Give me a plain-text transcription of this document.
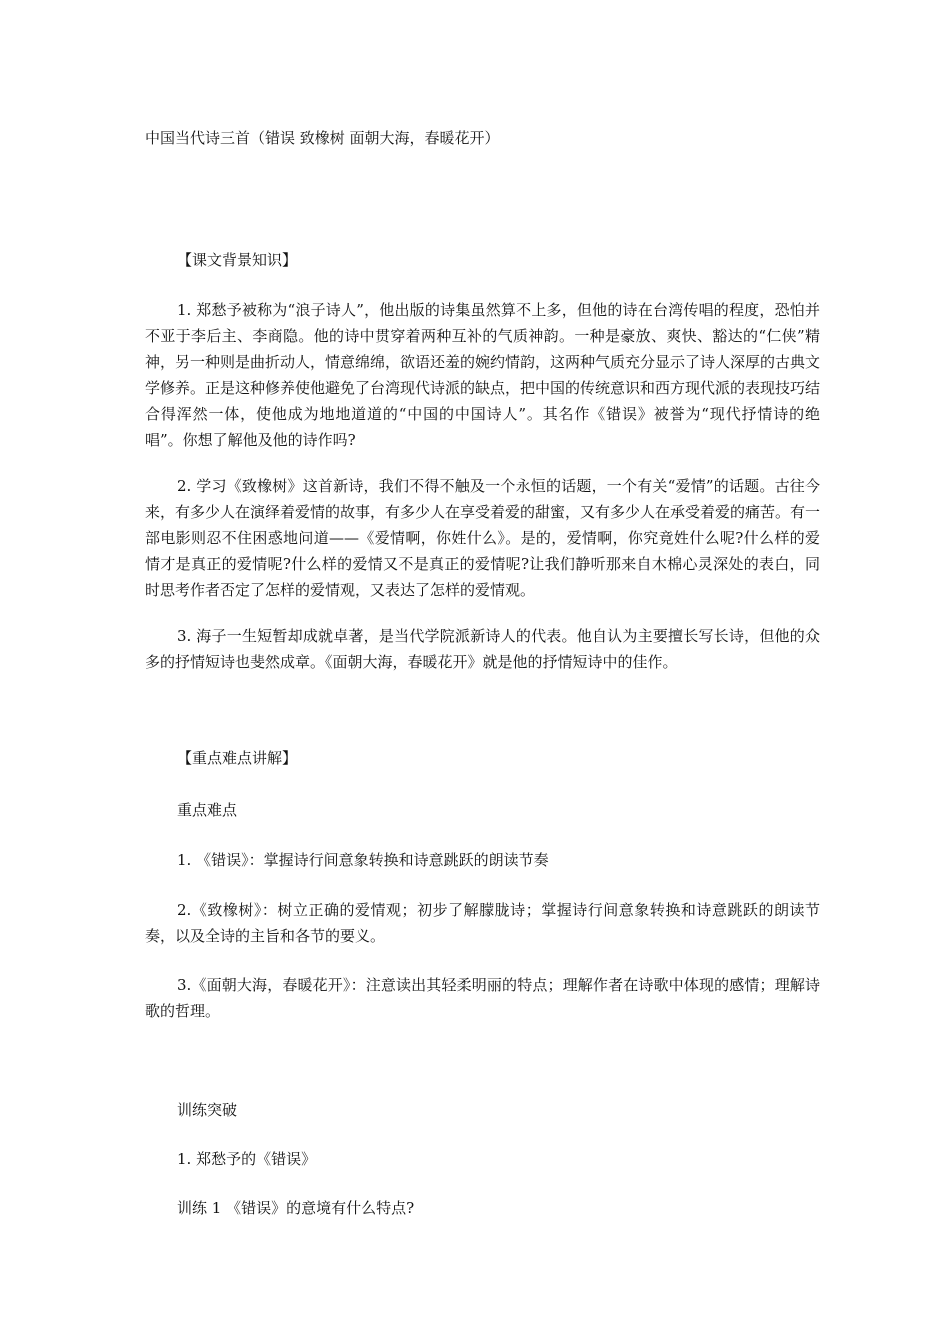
中国当代诗三首（错误 致橡树 面朝大海，春暖花开）
【课文背景知识】
1. 郑愁予被称为“浪子诗人”，他出版的诗集虽然算不上多，但他的诗在台湾传唱的程度，恐怕并不亚于李后主、李商隐。他的诗中贯穿着两种互补的气质神韵。一种是豪放、爽快、豁达的“仁侠”精神，另一种则是曲折动人，情意绵绵，欲语还羞的婉约情韵，这两种气质充分显示了诗人深厚的古典文学修养。正是这种修养使他避免了台湾现代诗派的缺点，把中国的传统意识和西方现代派的表现技巧结合得浑然一体，使他成为地地道道的“中国的中国诗人”。其名作《错误》被誉为“现代抒情诗的绝唱”。你想了解他及他的诗作吗?
2. 学习《致橡树》这首新诗，我们不得不触及一个永恒的话题，一个有关“爱情”的话题。古往今来，有多少人在演绎着爱情的故事，有多少人在享受着爱的甜蜜，又有多少人在承受着爱的痛苦。有一部电影则忍不住困惑地问道——《爱情啊，你姓什么》。是的，爱情啊，你究竟姓什么呢?什么样的爱情才是真正的爱情呢?什么样的爱情又不是真正的爱情呢?让我们静听那来自木棉心灵深处的表白，同时思考作者否定了怎样的爱情观，又表达了怎样的爱情观。
3. 海子一生短暂却成就卓著，是当代学院派新诗人的代表。他自认为主要擅长写长诗，但他的众多的抒情短诗也斐然成章。《面朝大海，春暖花开》就是他的抒情短诗中的佳作。
【重点难点讲解】
重点难点
1. 《错误》：掌握诗行间意象转换和诗意跳跃的朗读节奏
2.《致橡树》：树立正确的爱情观；初步了解朦胧诗；掌握诗行间意象转换和诗意跳跃的朗读节奏，以及全诗的主旨和各节的要义。
3.《面朝大海，春暖花开》：注意读出其轻柔明丽的特点；理解作者在诗歌中体现的感情；理解诗歌的哲理。
训练突破
1. 郑愁予的《错误》
训练 1 《错误》的意境有什么特点?
